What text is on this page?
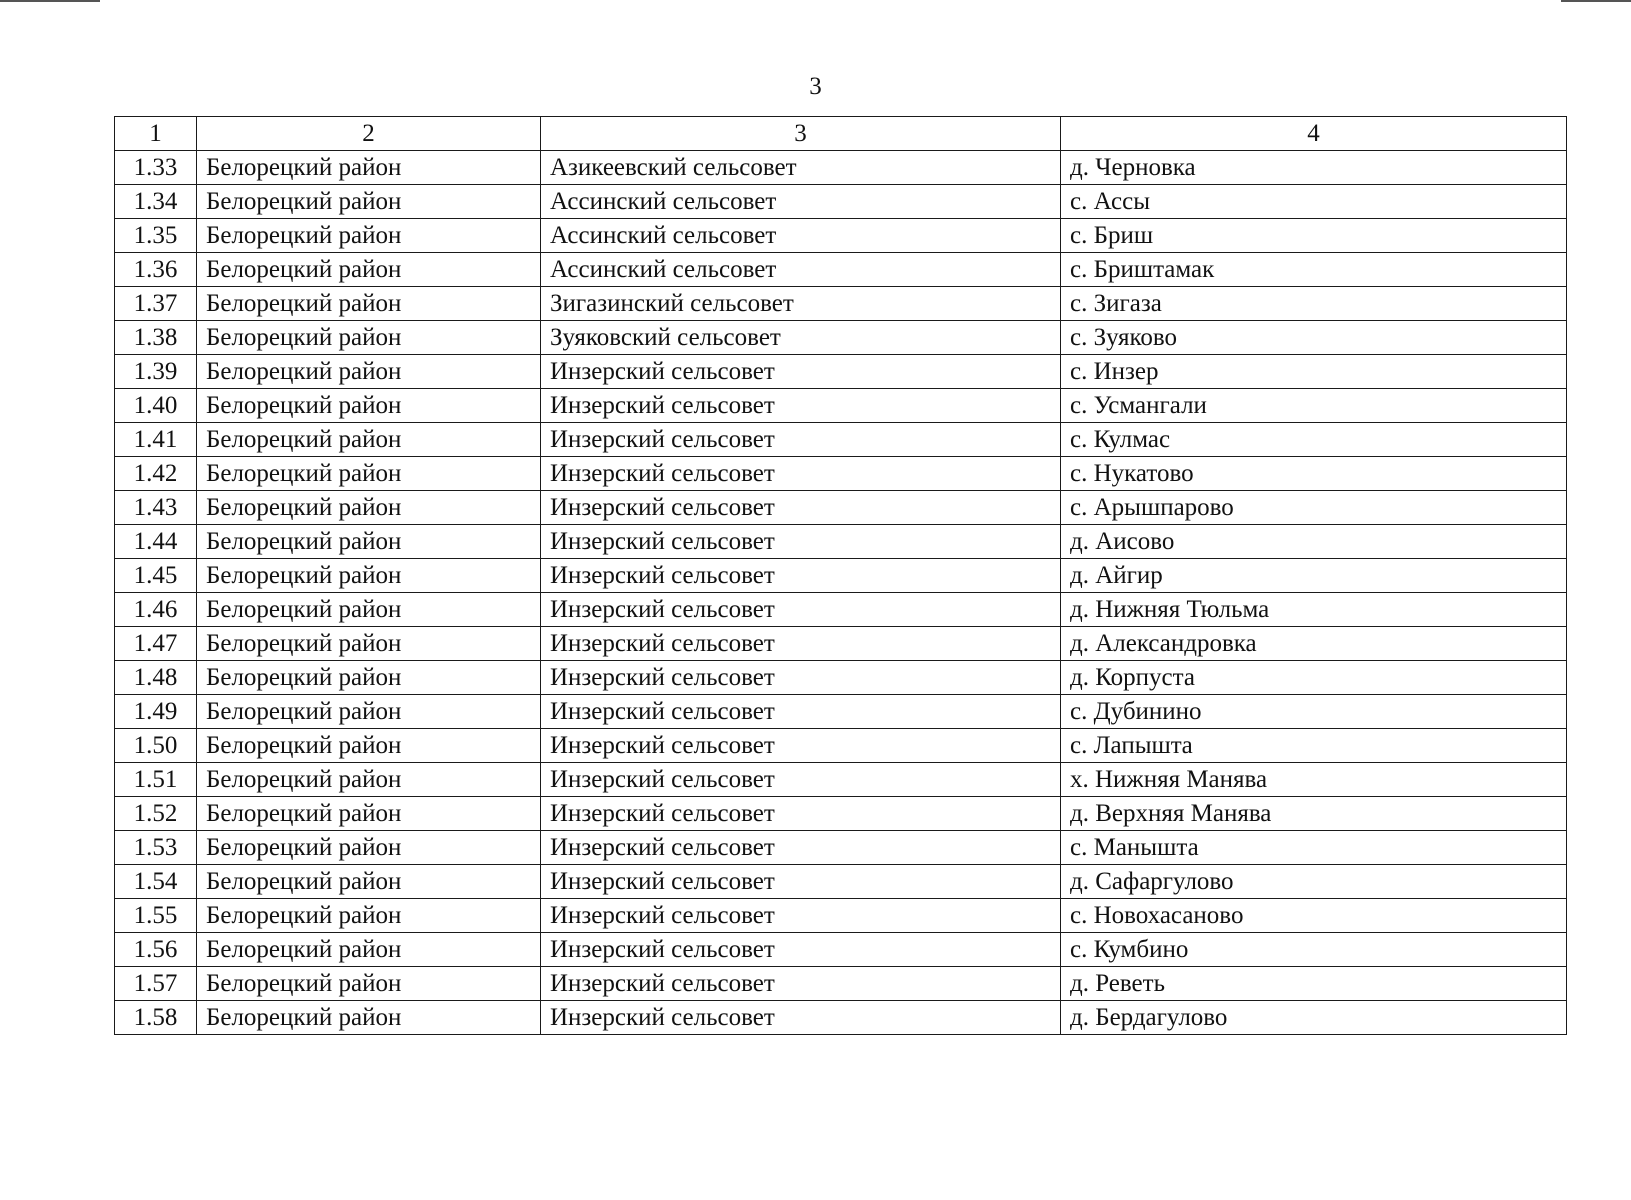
3
1	2	3	4
1.33	Белорецкий район	Азикеевский сельсовет	д. Черновка
1.34	Белорецкий район	Ассинский сельсовет	с. Ассы
1.35	Белорецкий район	Ассинский сельсовет	с. Бриш
1.36	Белорецкий район	Ассинский сельсовет	с. Бриштамак
1.37	Белорецкий район	Зигазинский сельсовет	с. Зигаза
1.38	Белорецкий район	Зуяковский сельсовет	с. Зуяково
1.39	Белорецкий район	Инзерский сельсовет	с. Инзер
1.40	Белорецкий район	Инзерский сельсовет	с. Усмангали
1.41	Белорецкий район	Инзерский сельсовет	с. Кулмас
1.42	Белорецкий район	Инзерский сельсовет	с. Нукатово
1.43	Белорецкий район	Инзерский сельсовет	с. Арышпарово
1.44	Белорецкий район	Инзерский сельсовет	д. Аисово
1.45	Белорецкий район	Инзерский сельсовет	д. Айгир
1.46	Белорецкий район	Инзерский сельсовет	д. Нижняя Тюльма
1.47	Белорецкий район	Инзерский сельсовет	д. Александровка
1.48	Белорецкий район	Инзерский сельсовет	д. Корпуста
1.49	Белорецкий район	Инзерский сельсовет	с. Дубинино
1.50	Белорецкий район	Инзерский сельсовет	с. Лапыштa
1.51	Белорецкий район	Инзерский сельсовет	х. Нижняя Манява
1.52	Белорецкий район	Инзерский сельсовет	д. Верхняя Манява
1.53	Белорецкий район	Инзерский сельсовет	с. Манышта
1.54	Белорецкий район	Инзерский сельсовет	д. Сафаргулово
1.55	Белорецкий район	Инзерский сельсовет	с. Новохасаново
1.56	Белорецкий район	Инзерский сельсовет	с. Кумбино
1.57	Белорецкий район	Инзерский сельсовет	д. Реветь
1.58	Белорецкий район	Инзерский сельсовет	д. Бердагулово
